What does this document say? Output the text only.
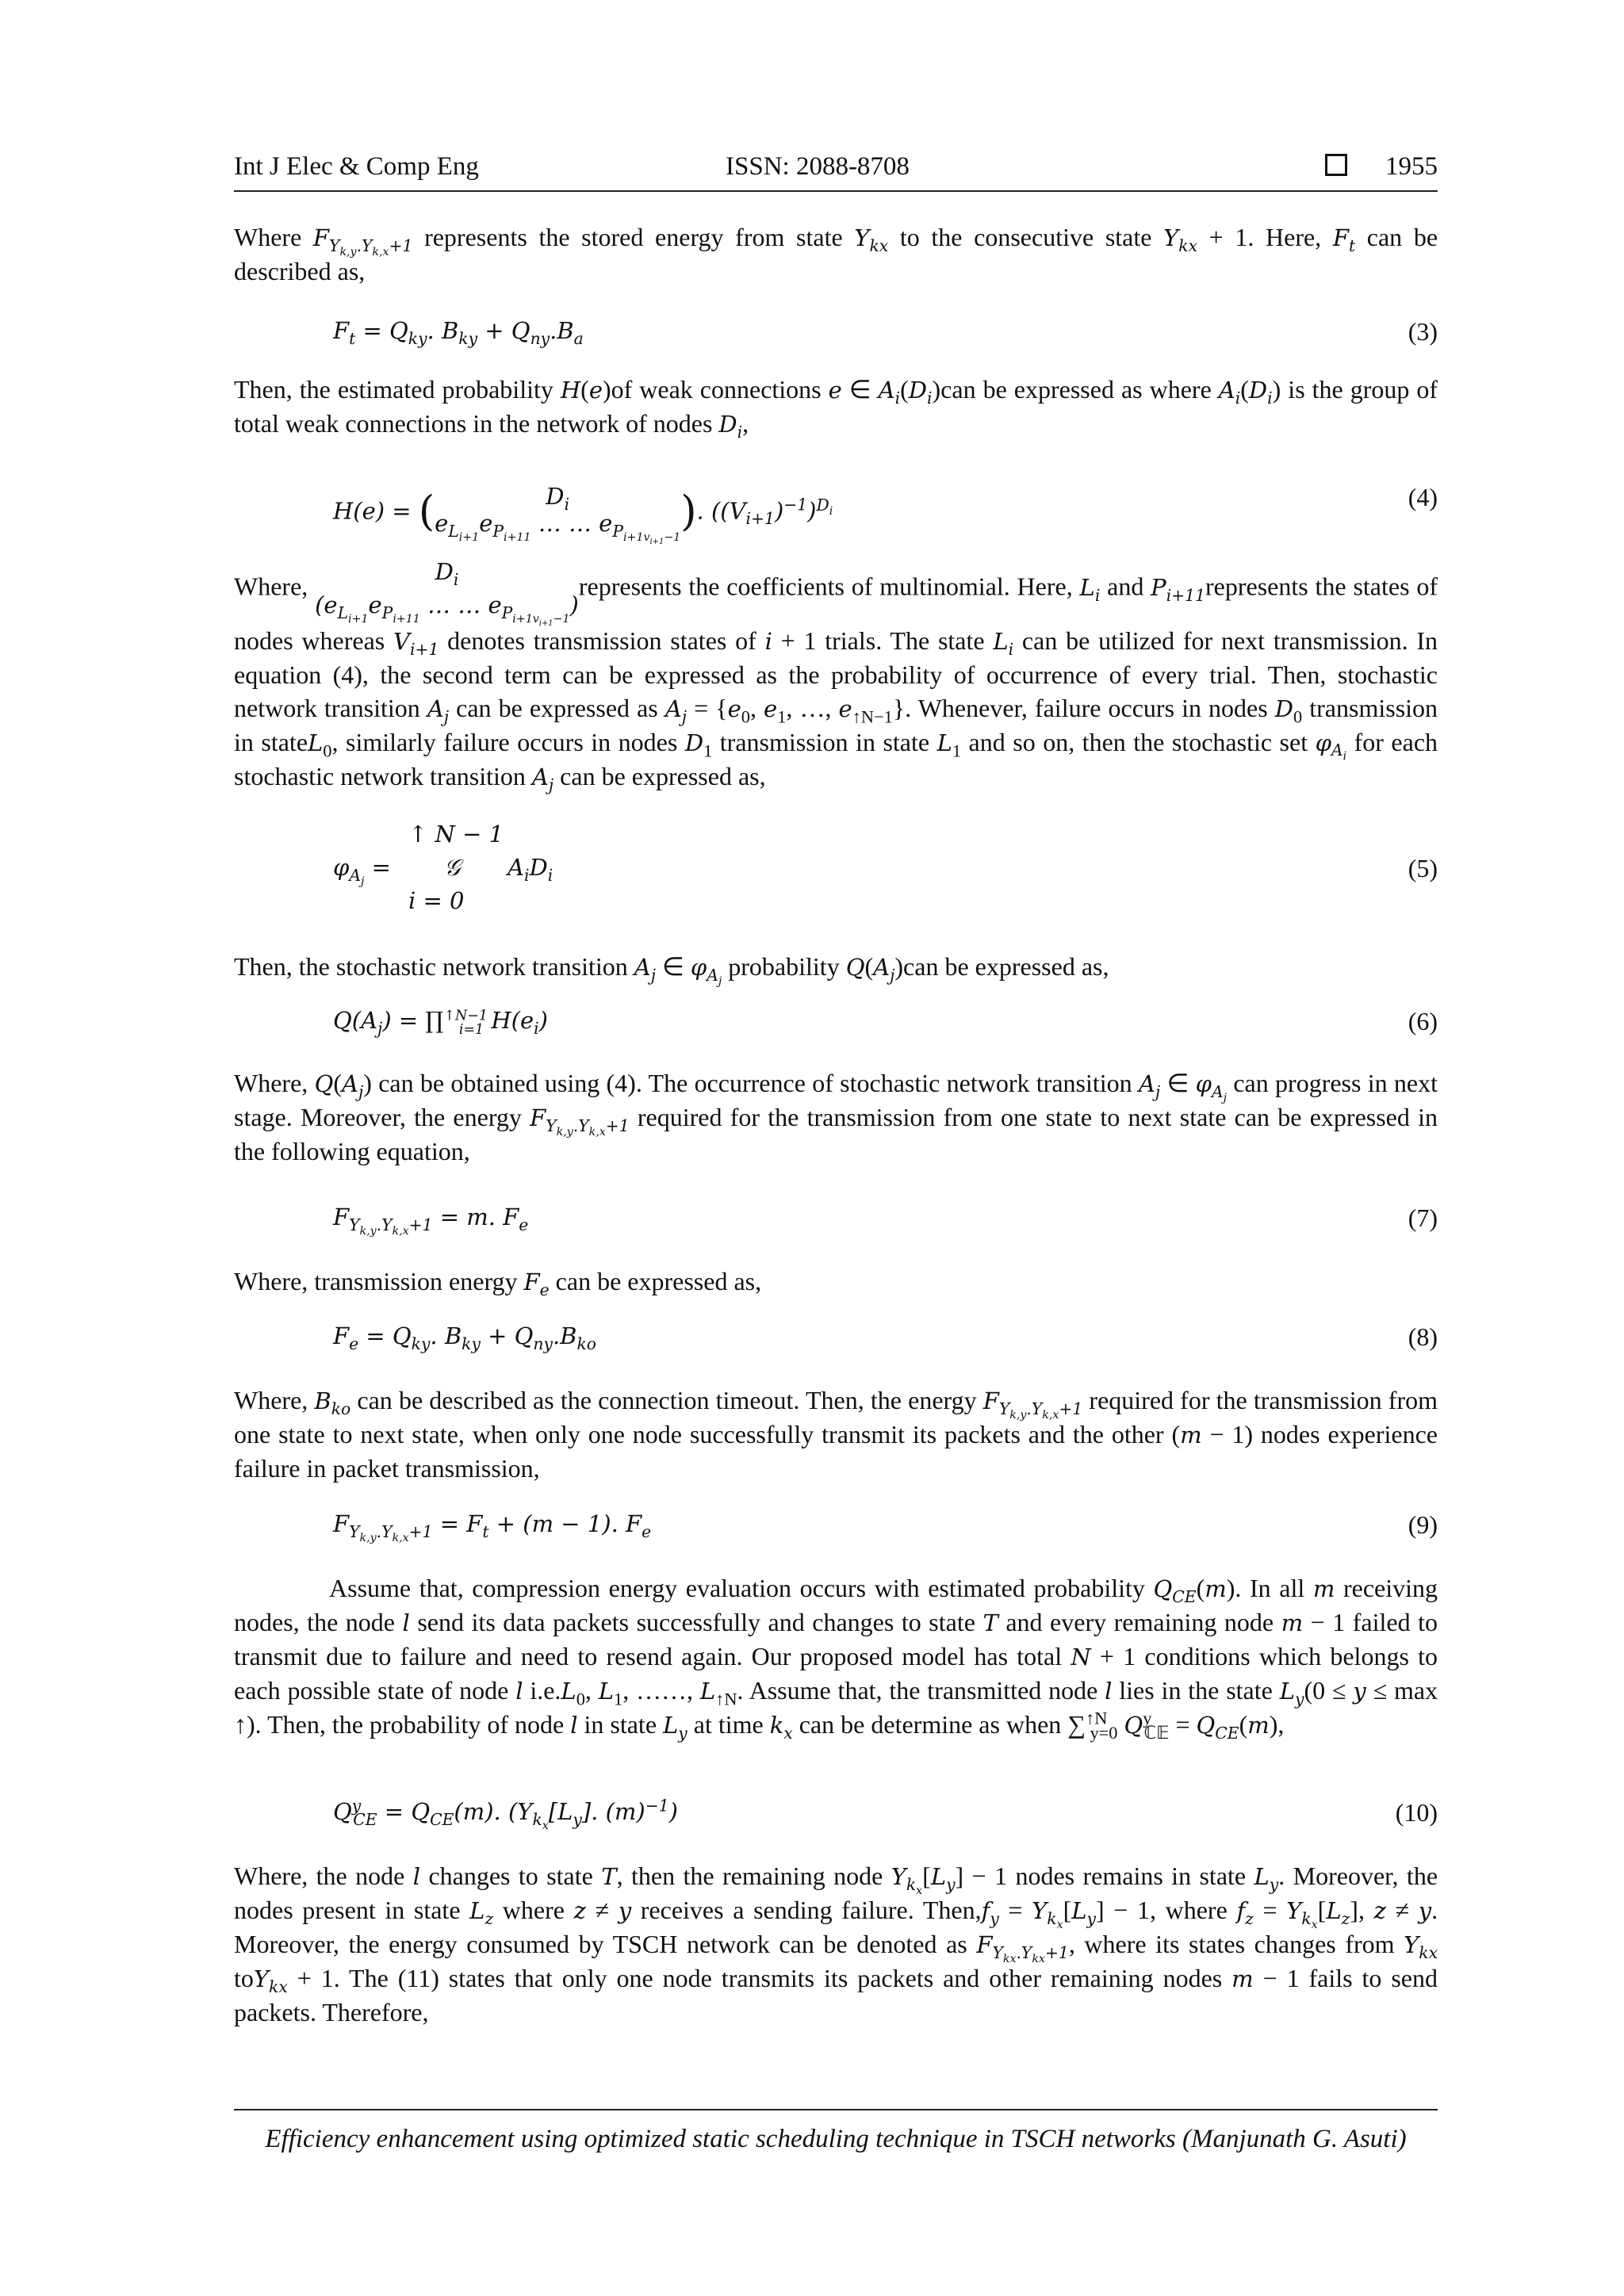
Int J Elec & Comp Eng	ISSN: 2088-8708	1955

Where $F_{Y_{k,y}.Y_{k,x}+1}$ represents the stored energy from state $Y_{kx}$ to the consecutive state $Y_{kx} + 1$. Here, $F_t$ can be described as,

$F_t = Q_{ky}$. $B_{ky} + Q_{ny}.B_a$	(3)

Then, the estimated probability H(e)of weak connections e ∈ $A_i(D_i)can$ be expressed as where $A_i(D_i)$ is the group of total weak connections in the network of nodes $D_i$,

H(e) = (	$D_i$
$e_{L_{i+1}}e_{P_{i+11}}$ … … $e_{P_{i+1v_{i+1}-1}}$
). $((V_{i+1})^{-1})^{D_i}$	(4)
Where,
$D_i$
($e_{L_{i+1}}e_{P_{i+11}}$ … … $e_{P_{i+1v_{i+1}-1}}$)
represents the coefficients of multinomial. Here, $L_i$ and $P_{i+11}represents$ the states of nodes whereas $V_{i+1}$ denotes transmission states of i + 1 trials. The state $L_i$ can be utilized for next transmission. In equation (4), the second term can be expressed as the probability of occurrence of every trial. Then, stochastic network transition $A_j$ can be expressed as $A_j = \{e_0$, $e_1$, …, $e_{↑N-1}$}. Whenever, failure occurs in nodes $D_0$ transmission in stateL$_0$, similarly failure occurs in nodes $D_1$ transmission in state $L_1$ and so on, then the stochastic set $\varphi_{A_i}$ for each stochastic network transition $A_j$ can be expressed as,
↑ N − 1
$\varphi_{A_j}$ = 𝒢 $A_iD_i$
i = 0
(5)

Then, the stochastic network transition $A_j$ ∈ $\varphi_{A_j}$ probability $Q(A_j)can$ be expressed as,

$Q(A_j)$ = ∏$^{↑N-1}_{i=1}$ $H(e_i)$	(6)

Where, $Q(A_j)$ can be obtained using (4). The occurrence of stochastic network transition $A_j$ ∈ $\varphi_{A_j}$ can progress in next stage. Moreover, the energy $F_{Y_{k,y}.Y_{k,x}+1}$ required for the transmission from one state to next state can be expressed in the following equation,

$F_{Y_{k,y}.Y_{k,x}+1} = m$. $F_e$	(7)

Where, transmission energy $F_e$ can be expressed as,

$F_e = Q_{ky}$. $B_{ky} + Q_{ny}.B_{ko}$	(8)

Where, $B_{ko}$ can be described as the connection timeout. Then, the energy $F_{Y_{k,y}.Y_{k,x}+1}$ required for the transmission from one state to next state, when only one node successfully transmit its packets and the other (m − 1) nodes experience failure in packet transmission,

$F_{Y_{k,y}.Y_{k,x}+1} = F_t + (m - 1)$. $F_e$	(9)

Assume that, compression energy evaluation occurs with estimated probability $Q_{CE}(m)$. In all m receiving nodes, the node l send its data packets successfully and changes to state T and every remaining node m − 1 failed to transmit due to failure and need to resend again. Our proposed model has total N + 1 conditions which belongs to each possible state of node l $i.e.L_0$, $L_1$, ……, $L_{↑N}$. Assume that, the transmitted node l lies in the state $L_y(0 \le y \le \max$ ↑). Then, the probability of node l in state $L_y$ at time $k_x$ can be determine as when ∑$^{↑N}_{y=0}$ $Q^y_{ℂ𝔼} = Q_{CE}(m)$,

$Q^y_{CE} = Q_{CE}(m)$. ($Y_{k_x}[L_y]$. $(m)^{-1}$)	(10)

Where, the node l changes to state T, then the remaining node $Y_{k_x}[L_y] - 1$ nodes remains in state $L_y$. Moreover, the nodes present in state $L_z$ where z ≠ y receives a sending failure. $Then,f_y = Y_{k_x}[L_y] - 1$, where $f_z = Y_{k_x}[L_z]$, z ≠ y. Moreover, the energy consumed by TSCH network can be denoted as $F_{Y_{kx}.Y_{kx}+1}$, where its states changes from $Y_{kx}$ toY$_{kx}$ + 1. The (11) states that only one node transmits its packets and other remaining nodes m − 1 fails to send packets. Therefore,

Efficiency enhancement using optimized static scheduling technique in TSCH networks (Manjunath G. Asuti)
